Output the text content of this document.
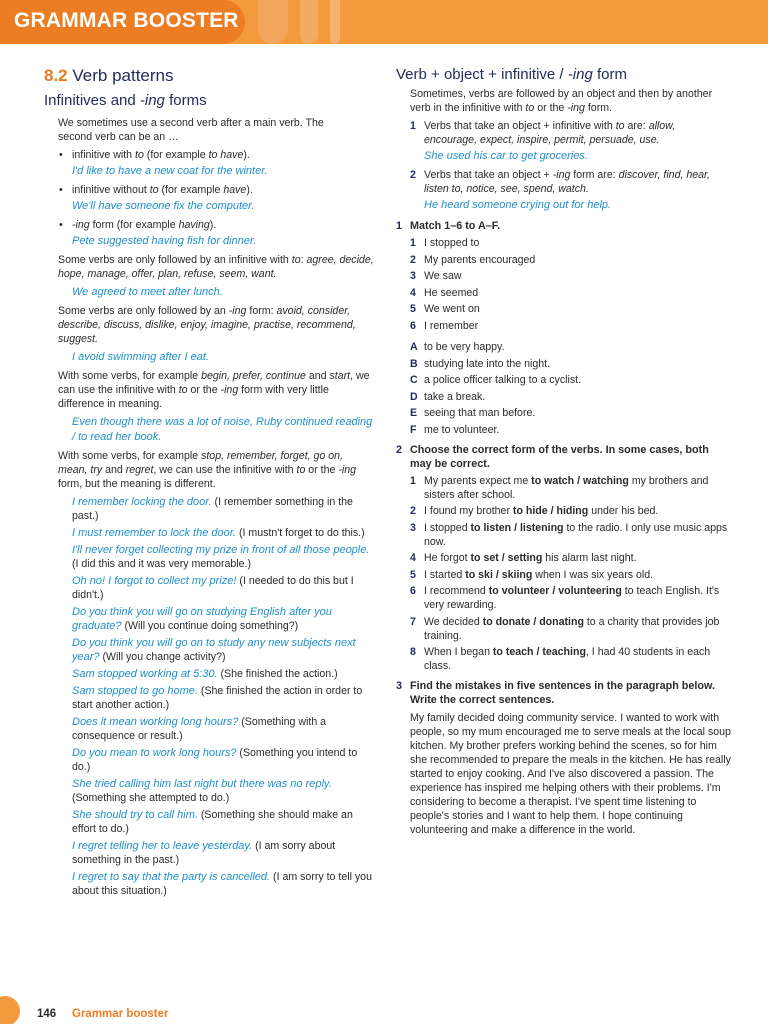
GRAMMAR BOOSTER
8.2 Verb patterns
Infinitives and -ing forms
We sometimes use a second verb after a main verb. The
second verb can be an …
• infinitive with to (for example to have).
I'd like to have a new coat for the winter.
• infinitive without to (for example have).
We'll have someone fix the computer.
• -ing form (for example having).
Pete suggested having fish for dinner.
Some verbs are only followed by an infinitive with to: agree, decide, hope, manage, offer, plan, refuse, seem, want.
We agreed to meet after lunch.
Some verbs are only followed by an -ing form: avoid, consider, describe, discuss, dislike, enjoy, imagine, practise, recommend, suggest.
I avoid swimming after I eat.
With some verbs, for example begin, prefer, continue and start, we can use the infinitive with to or the -ing form with very little difference in meaning.
Even though there was a lot of noise, Ruby continued reading / to read her book.
With some verbs, for example stop, remember, forget, go on, mean, try and regret, we can use the infinitive with to or the -ing form, but the meaning is different.
I remember locking the door. (I remember something in the past.)
I must remember to lock the door. (I mustn't forget to do this.)
I'll never forget collecting my prize in front of all those people. (I did this and it was very memorable.)
Oh no! I forgot to collect my prize! (I needed to do this but I didn't.)
Do you think you will go on studying English after you graduate? (Will you continue doing something?)
Do you think you will go on to study any new subjects next year? (Will you change activity?)
Sam stopped working at 5:30. (She finished the action.)
Sam stopped to go home. (She finished the action in order to start another action.)
Does it mean working long hours? (Something with a consequence or result.)
Do you mean to work long hours? (Something you intend to do.)
She tried calling him last night but there was no reply. (Something she attempted to do.)
She should try to call him. (Something she should make an effort to do.)
I regret telling her to leave yesterday. (I am sorry about something in the past.)
I regret to say that the party is cancelled. (I am sorry to tell you about this situation.)
Verb + object + infinitive / -ing form
Sometimes, verbs are followed by an object and then by another verb in the infinitive with to or the -ing form.
1 Verbs that take an object + infinitive with to are: allow, encourage, expect, inspire, permit, persuade, use.
She used his car to get groceries.
2 Verbs that take an object + -ing form are: discover, find, hear, listen to, notice, see, spend, watch.
He heard someone crying out for help.
1 Match 1–6 to A–F.
1 I stopped to
2 My parents encouraged
3 We saw
4 He seemed
5 We went on
6 I remember
A to be very happy.
B studying late into the night.
C a police officer talking to a cyclist.
D take a break.
E seeing that man before.
F me to volunteer.
2 Choose the correct form of the verbs. In some cases, both may be correct.
1 My parents expect me to watch / watching my brothers and sisters after school.
2 I found my brother to hide / hiding under his bed.
3 I stopped to listen / listening to the radio. I only use music apps now.
4 He forgot to set / setting his alarm last night.
5 I started to ski / skiing when I was six years old.
6 I recommend to volunteer / volunteering to teach English. It's very rewarding.
7 We decided to donate / donating to a charity that provides job training.
8 When I began to teach / teaching, I had 40 students in each class.
3 Find the mistakes in five sentences in the paragraph below. Write the correct sentences.
My family decided doing community service. I wanted to work with people, so my mum encouraged me to serve meals at the local soup kitchen. My brother prefers working behind the scenes, so for him she recommended to prepare the meals in the kitchen. He has really started to enjoy cooking. And I've also discovered a passion. The experience has inspired me helping others with their problems. I'm considering to become a therapist. I've spent time listening to people's stories and I want to help them. I hope continuing volunteering and make a difference in the world.
146 Grammar booster
